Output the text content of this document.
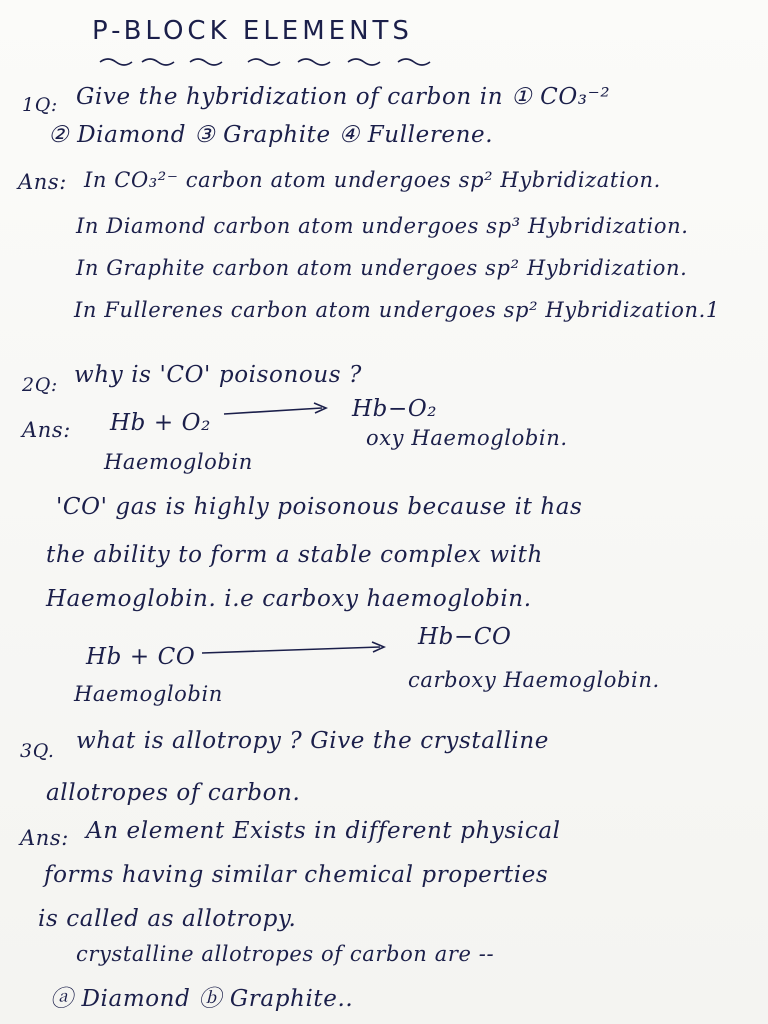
P-BLOCK ELEMENTS
1Q: Give the hybridization of carbon in ① CO₃⁻²
② Diamond ③ Graphite ④ Fullerene.
Ans: In CO₃²⁻ carbon atom undergoes sp² Hybridization.
In Diamond carbon atom undergoes sp³ Hybridization.
In Graphite carbon atom undergoes sp² Hybridization.
In Fullerenes carbon atom undergoes sp² Hybridization.1
2Q: why is 'CO' poisonous ?
Ans: Hb + O₂
Hb−O₂
Haemoglobin
oxy Haemoglobin.
'CO' gas is highly poisonous because it has
the ability to form a stable complex with
Haemoglobin. i.e carboxy haemoglobin.
Hb + CO
Hb−CO
Haemoglobin
carboxy Haemoglobin.
3Q. what is allotropy ? Give the crystalline
allotropes of carbon.
Ans: An element Exists in different physical
forms having similar chemical properties
is called as allotropy.
crystalline allotropes of carbon are --
ⓐ Diamond ⓑ Graphite..
